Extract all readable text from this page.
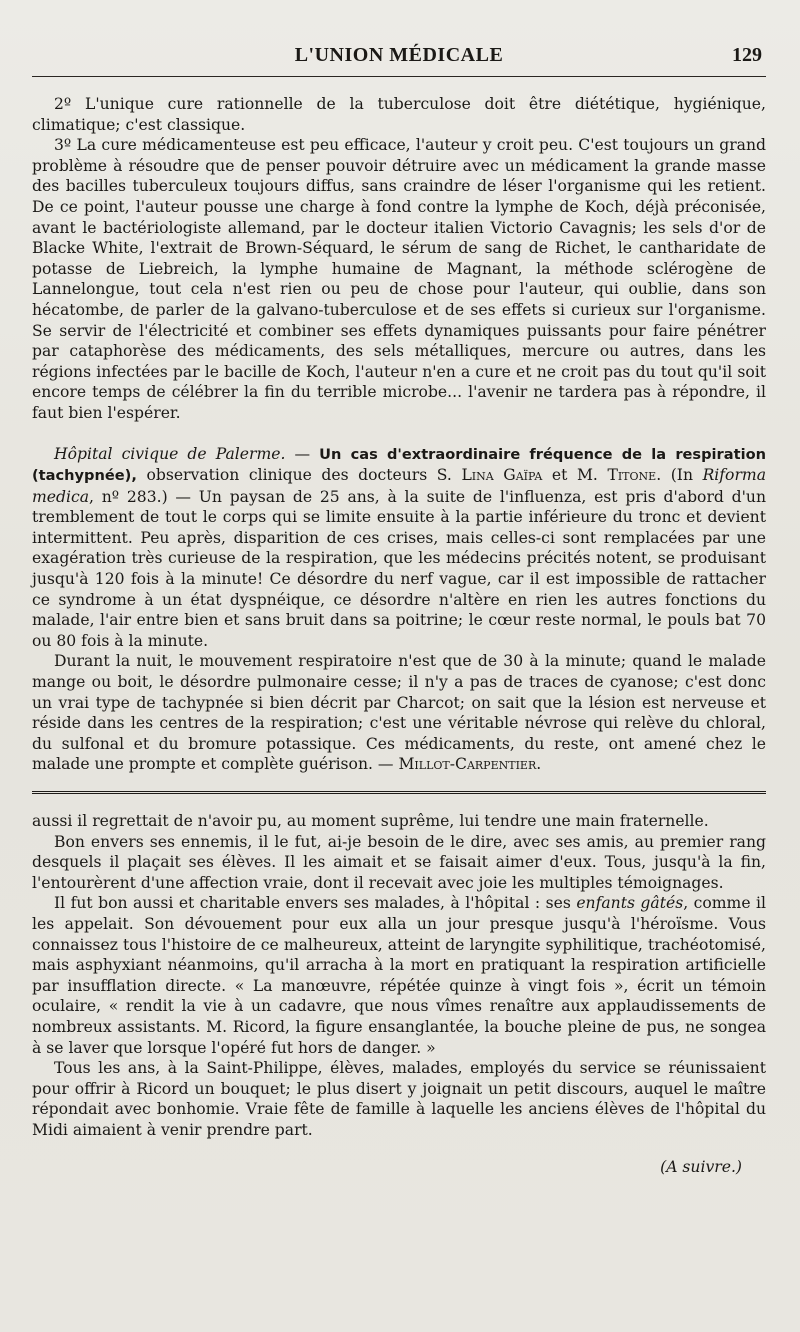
L'UNION MÉDICALE	129

2º L'unique cure rationnelle de la tuberculose doit être diététique, hygiénique, climatique; c'est classique.

3º La cure médicamenteuse est peu efficace, l'auteur y croit peu. C'est toujours un grand problème à résoudre que de penser pouvoir détruire avec un médicament la grande masse des bacilles tuberculeux toujours diffus, sans craindre de léser l'organisme qui les retient. De ce point, l'auteur pousse une charge à fond contre la lymphe de Koch, déjà préconisée, avant le bactériologiste allemand, par le docteur italien Victorio Cavagnis; les sels d'or de Blacke White, l'extrait de Brown-Séquard, le sérum de sang de Richet, le cantharidate de potasse de Liebreich, la lymphe humaine de Magnant, la méthode sclérogène de Lannelongue, tout cela n'est rien ou peu de chose pour l'auteur, qui oublie, dans son hécatombe, de parler de la galvano-tuberculose et de ses effets si curieux sur l'organisme. Se servir de l'électricité et combiner ses effets dynamiques puissants pour faire pénétrer par cataphorèse des médicaments, des sels métalliques, mercure ou autres, dans les régions infectées par le bacille de Koch, l'auteur n'en a cure et ne croit pas du tout qu'il soit encore temps de célébrer la fin du terrible microbe... l'avenir ne tardera pas à répondre, il faut bien l'espérer.

Hôpital civique de Palerme. — Un cas d'extraordinaire fréquence de la respiration (tachypnée), observation clinique des docteurs S. Lina Gaïpa et M. Titone. (In Riforma medica, nº 283.) — Un paysan de 25 ans, à la suite de l'influenza, est pris d'abord d'un tremblement de tout le corps qui se limite ensuite à la partie inférieure du tronc et devient intermittent. Peu après, disparition de ces crises, mais celles-ci sont remplacées par une exagération très curieuse de la respiration, que les médecins précités notent, se produisant jusqu'à 120 fois à la minute! Ce désordre du nerf vague, car il est impossible de rattacher ce syndrome à un état dyspnéique, ce désordre n'altère en rien les autres fonctions du malade, l'air entre bien et sans bruit dans sa poitrine; le cœur reste normal, le pouls bat 70 ou 80 fois à la minute.

Durant la nuit, le mouvement respiratoire n'est que de 30 à la minute; quand le malade mange ou boit, le désordre pulmonaire cesse; il n'y a pas de traces de cyanose; c'est donc un vrai type de tachypnée si bien décrit par Charcot; on sait que la lésion est nerveuse et réside dans les centres de la respiration; c'est une véritable névrose qui relève du chloral, du sulfonal et du bromure potassique. Ces médicaments, du reste, ont amené chez le malade une prompte et complète guérison. — Millot-Carpentier.

aussi il regrettait de n'avoir pu, au moment suprême, lui tendre une main fraternelle.

Bon envers ses ennemis, il le fut, ai-je besoin de le dire, avec ses amis, au premier rang desquels il plaçait ses élèves. Il les aimait et se faisait aimer d'eux. Tous, jusqu'à la fin, l'entourèrent d'une affection vraie, dont il recevait avec joie les multiples témoignages.

Il fut bon aussi et charitable envers ses malades, à l'hôpital : ses enfants gâtés, comme il les appelait. Son dévouement pour eux alla un jour presque jusqu'à l'héroïsme. Vous connaissez tous l'histoire de ce malheureux, atteint de laryngite syphilitique, trachéotomisé, mais asphyxiant néanmoins, qu'il arracha à la mort en pratiquant la respiration artificielle par insufflation directe. « La manœuvre, répétée quinze à vingt fois », écrit un témoin oculaire, « rendit la vie à un cadavre, que nous vîmes renaître aux applaudissements de nombreux assistants. M. Ricord, la figure ensanglantée, la bouche pleine de pus, ne songea à se laver que lorsque l'opéré fut hors de danger. »

Tous les ans, à la Saint-Philippe, élèves, malades, employés du service se réunissaient pour offrir à Ricord un bouquet; le plus disert y joignait un petit discours, auquel le maître répondait avec bonhomie. Vraie fête de famille à laquelle les anciens élèves de l'hôpital du Midi aimaient à venir prendre part.

(A suivre.)
